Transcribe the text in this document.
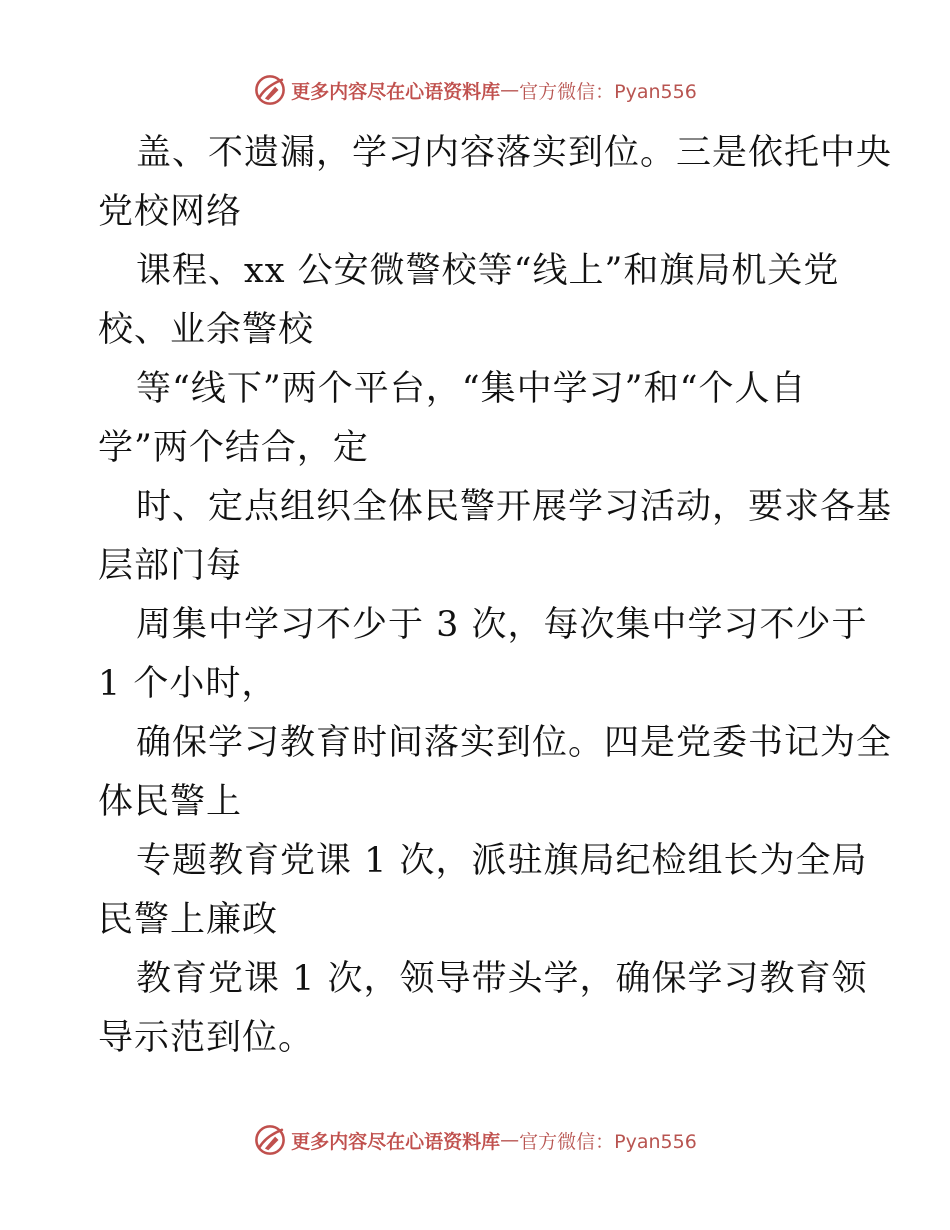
更多内容尽在心语资料库 — 官方微信：Pyan556
盖、不遗漏，学习内容落实到位。三是依托中央
党校网络
课程、xx 公安微警校等“线上”和旗局机关党
校、业余警校
等“线下”两个平台，“集中学习”和“个人自
学”两个结合，定
时、定点组织全体民警开展学习活动，要求各基
层部门每
周集中学习不少于 3 次，每次集中学习不少于
1 个小时，
确保学习教育时间落实到位。四是党委书记为全
体民警上
专题教育党课 1 次，派驻旗局纪检组长为全局
民警上廉政
教育党课 1 次，领导带头学，确保学习教育领
导示范到位。
更多内容尽在心语资料库 — 官方微信：Pyan556
